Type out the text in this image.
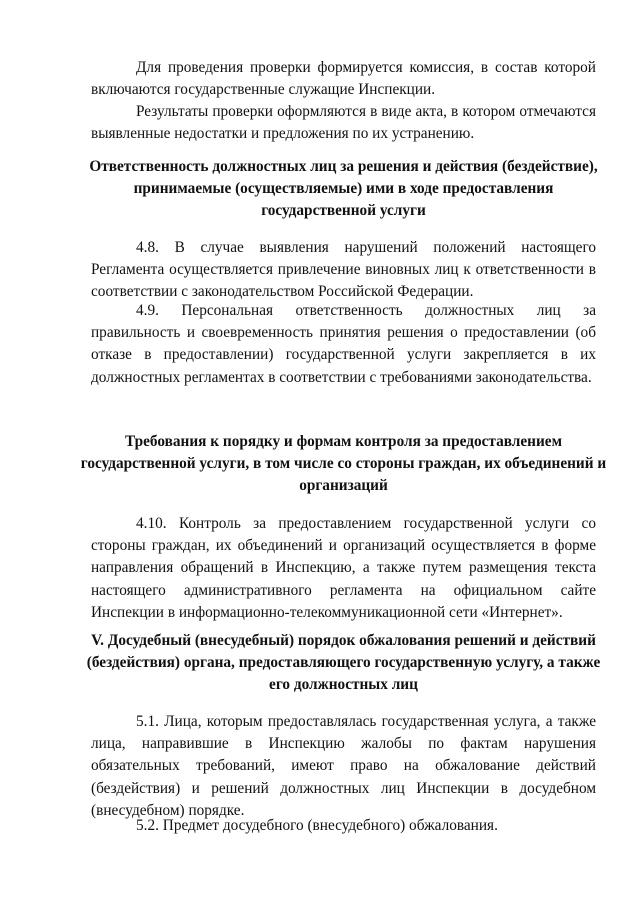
Для проведения проверки формируется комиссия, в состав которой включаются государственные служащие Инспекции.

Результаты проверки оформляются в виде акта, в котором отмечаются выявленные недостатки и предложения по их устранению.

Ответственность должностных лиц за решения и действия (бездействие), принимаемые (осуществляемые) ими в ходе предоставления государственной услуги

4.8. В случае выявления нарушений положений настоящего Регламента осуществляется привлечение виновных лиц к ответственности в соответствии с законодательством Российской Федерации.

4.9. Персональная ответственность должностных лиц за правильность и своевременность принятия решения о предоставлении (об отказе в предоставлении) государственной услуги закрепляется в их должностных регламентах в соответствии с требованиями законодательства.

Требования к порядку и формам контроля за предоставлением государственной услуги, в том числе со стороны граждан, их объединений и организаций

4.10. Контроль за предоставлением государственной услуги со стороны граждан, их объединений и организаций осуществляется в форме направления обращений в Инспекцию, а также путем размещения текста настоящего административного регламента на официальном сайте Инспекции в информационно-телекоммуникационной сети «Интернет».

V. Досудебный (внесудебный) порядок обжалования решений и действий (бездействия) органа, предоставляющего государственную услугу, а также его должностных лиц

5.1. Лица, которым предоставлялась государственная услуга, а также лица, направившие в Инспекцию жалобы по фактам нарушения обязательных требований, имеют право на обжалование действий (бездействия) и решений должностных лиц Инспекции в досудебном (внесудебном) порядке.

5.2. Предмет досудебного (внесудебного) обжалования.
